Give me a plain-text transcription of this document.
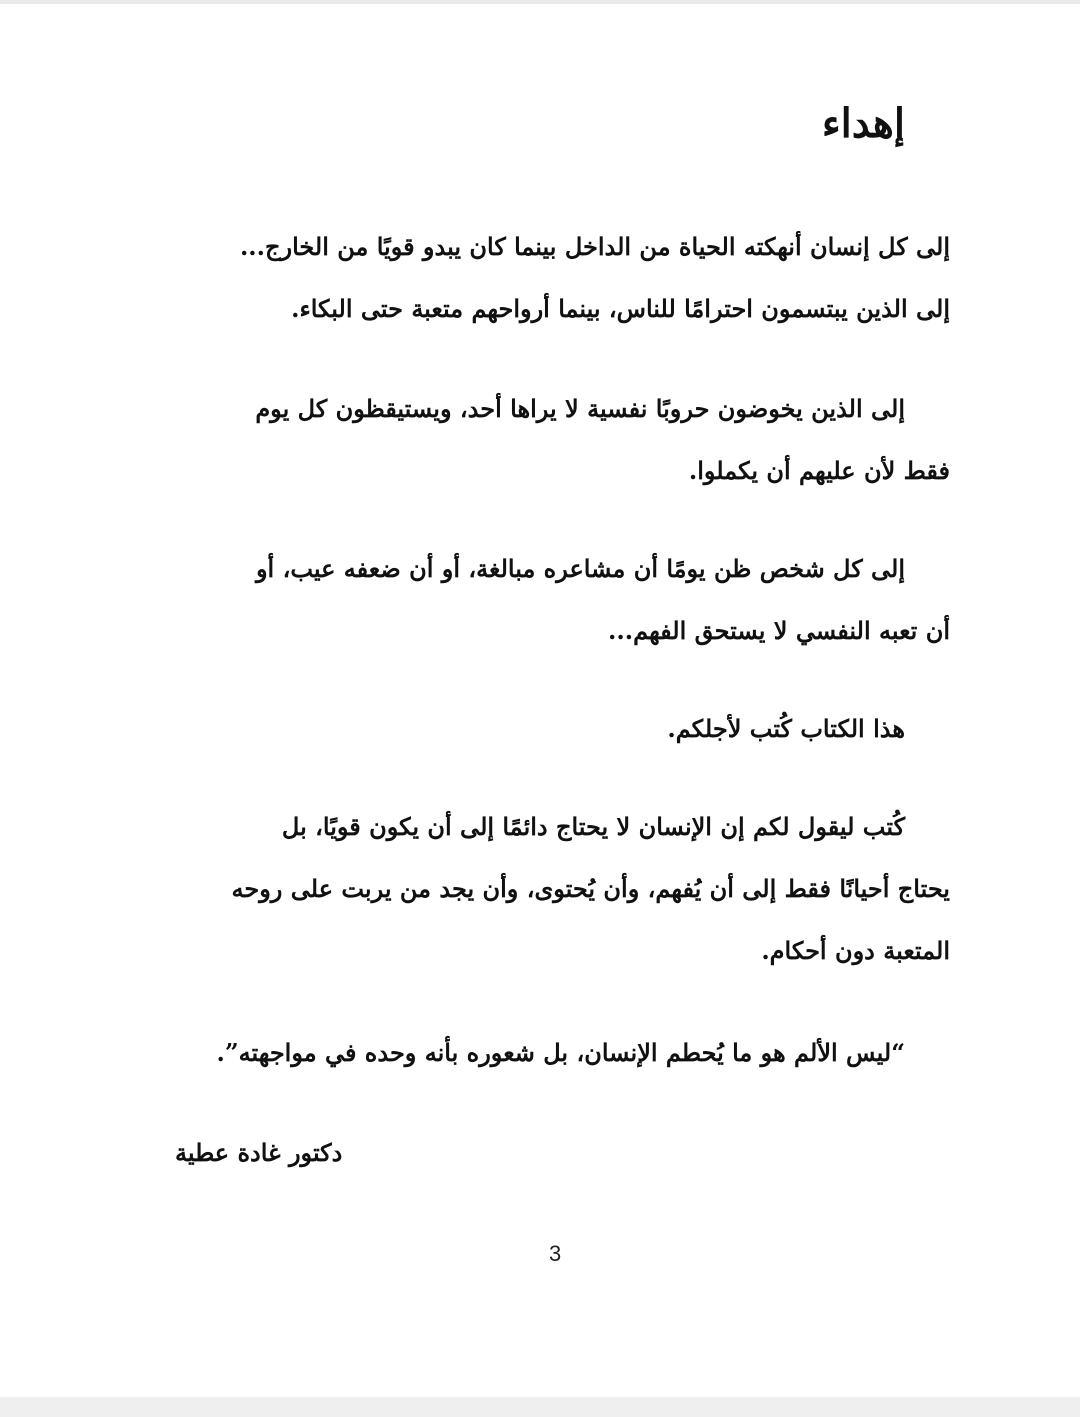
إهداء

إلى كل إنسان أنهكته الحياة من الداخل بينما كان يبدو قويًا من الخارج...

إلى الذين يبتسمون احترامًا للناس، بينما أرواحهم متعبة حتى البكاء.

إلى الذين يخوضون حروبًا نفسية لا يراها أحد، ويستيقظون كل يوم

فقط لأن عليهم أن يكملوا.

إلى كل شخص ظن يومًا أن مشاعره مبالغة، أو أن ضعفه عيب، أو

أن تعبه النفسي لا يستحق الفهم...

هذا الكتاب كُتب لأجلكم.

كُتب ليقول لكم إن الإنسان لا يحتاج دائمًا إلى أن يكون قويًا، بل

يحتاج أحيانًا فقط إلى أن يُفهم، وأن يُحتوى، وأن يجد من يربت على روحه

المتعبة دون أحكام.

“ليس الألم هو ما يُحطم الإنسان، بل شعوره بأنه وحده في مواجهته”.

دكتور غادة عطية

3
